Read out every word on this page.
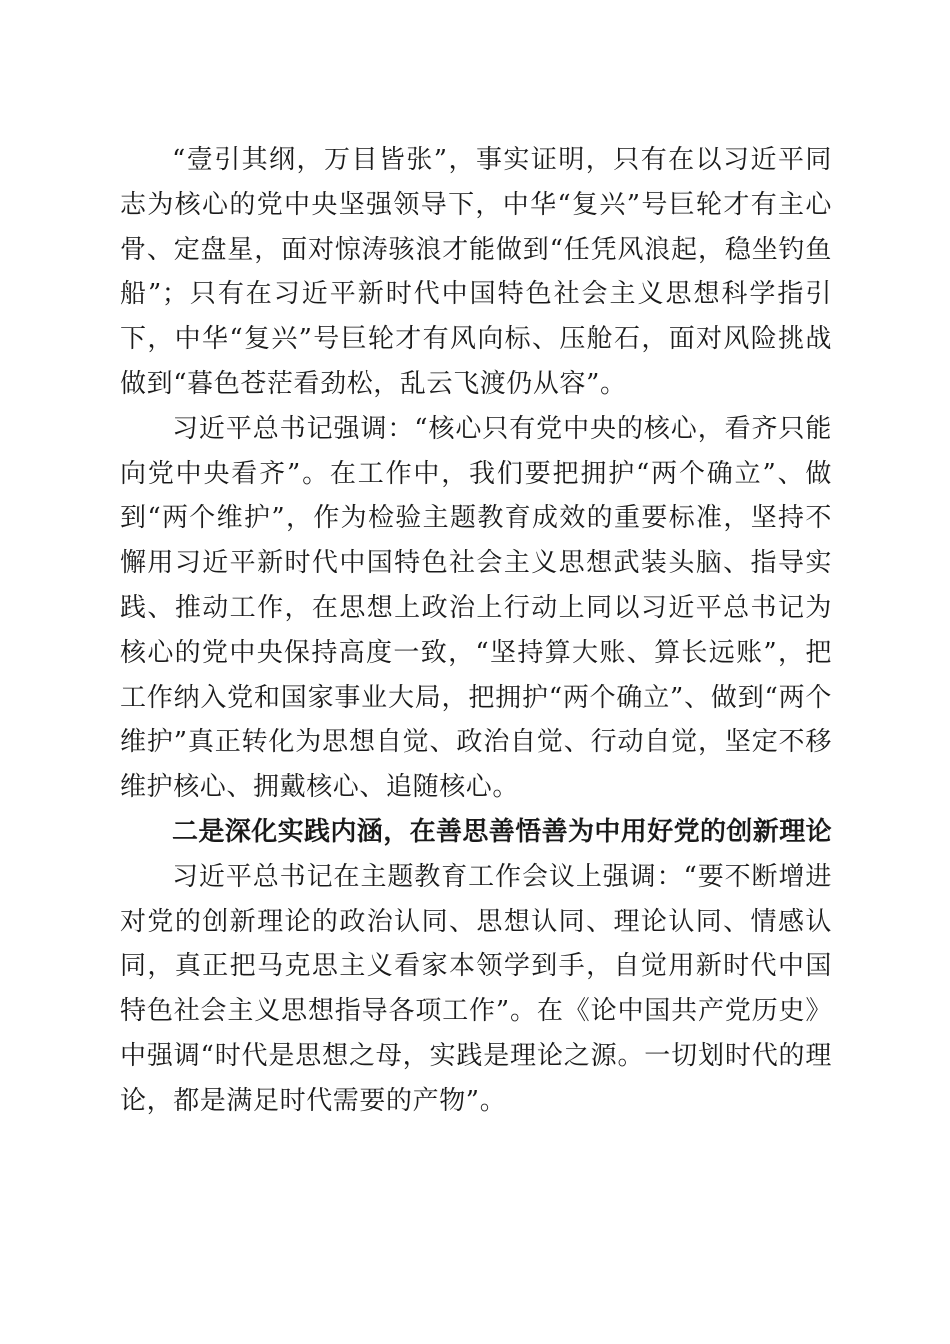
“壹引其纲，万目皆张”，事实证明，只有在以习近平同志为核心的党中央坚强领导下，中华“复兴”号巨轮才有主心骨、定盘星，面对惊涛骇浪才能做到“任凭风浪起，稳坐钓鱼船”；只有在习近平新时代中国特色社会主义思想科学指引下，中华“复兴”号巨轮才有风向标、压舱石，面对风险挑战做到“暮色苍茫看劲松，乱云飞渡仍从容”。

习近平总书记强调：“核心只有党中央的核心，看齐只能向党中央看齐”。在工作中，我们要把拥护“两个确立”、做到“两个维护”，作为检验主题教育成效的重要标准，坚持不懈用习近平新时代中国特色社会主义思想武装头脑、指导实践、推动工作，在思想上政治上行动上同以习近平总书记为核心的党中央保持高度一致，“坚持算大账、算长远账”，把工作纳入党和国家事业大局，把拥护“两个确立”、做到“两个维护”真正转化为思想自觉、政治自觉、行动自觉，坚定不移维护核心、拥戴核心、追随核心。

二是深化实践内涵，在善思善悟善为中用好党的创新理论

习近平总书记在主题教育工作会议上强调：“要不断增进对党的创新理论的政治认同、思想认同、理论认同、情感认同，真正把马克思主义看家本领学到手，自觉用新时代中国特色社会主义思想指导各项工作”。在《论中国共产党历史》中强调“时代是思想之母，实践是理论之源。一切划时代的理论，都是满足时代需要的产物”。
